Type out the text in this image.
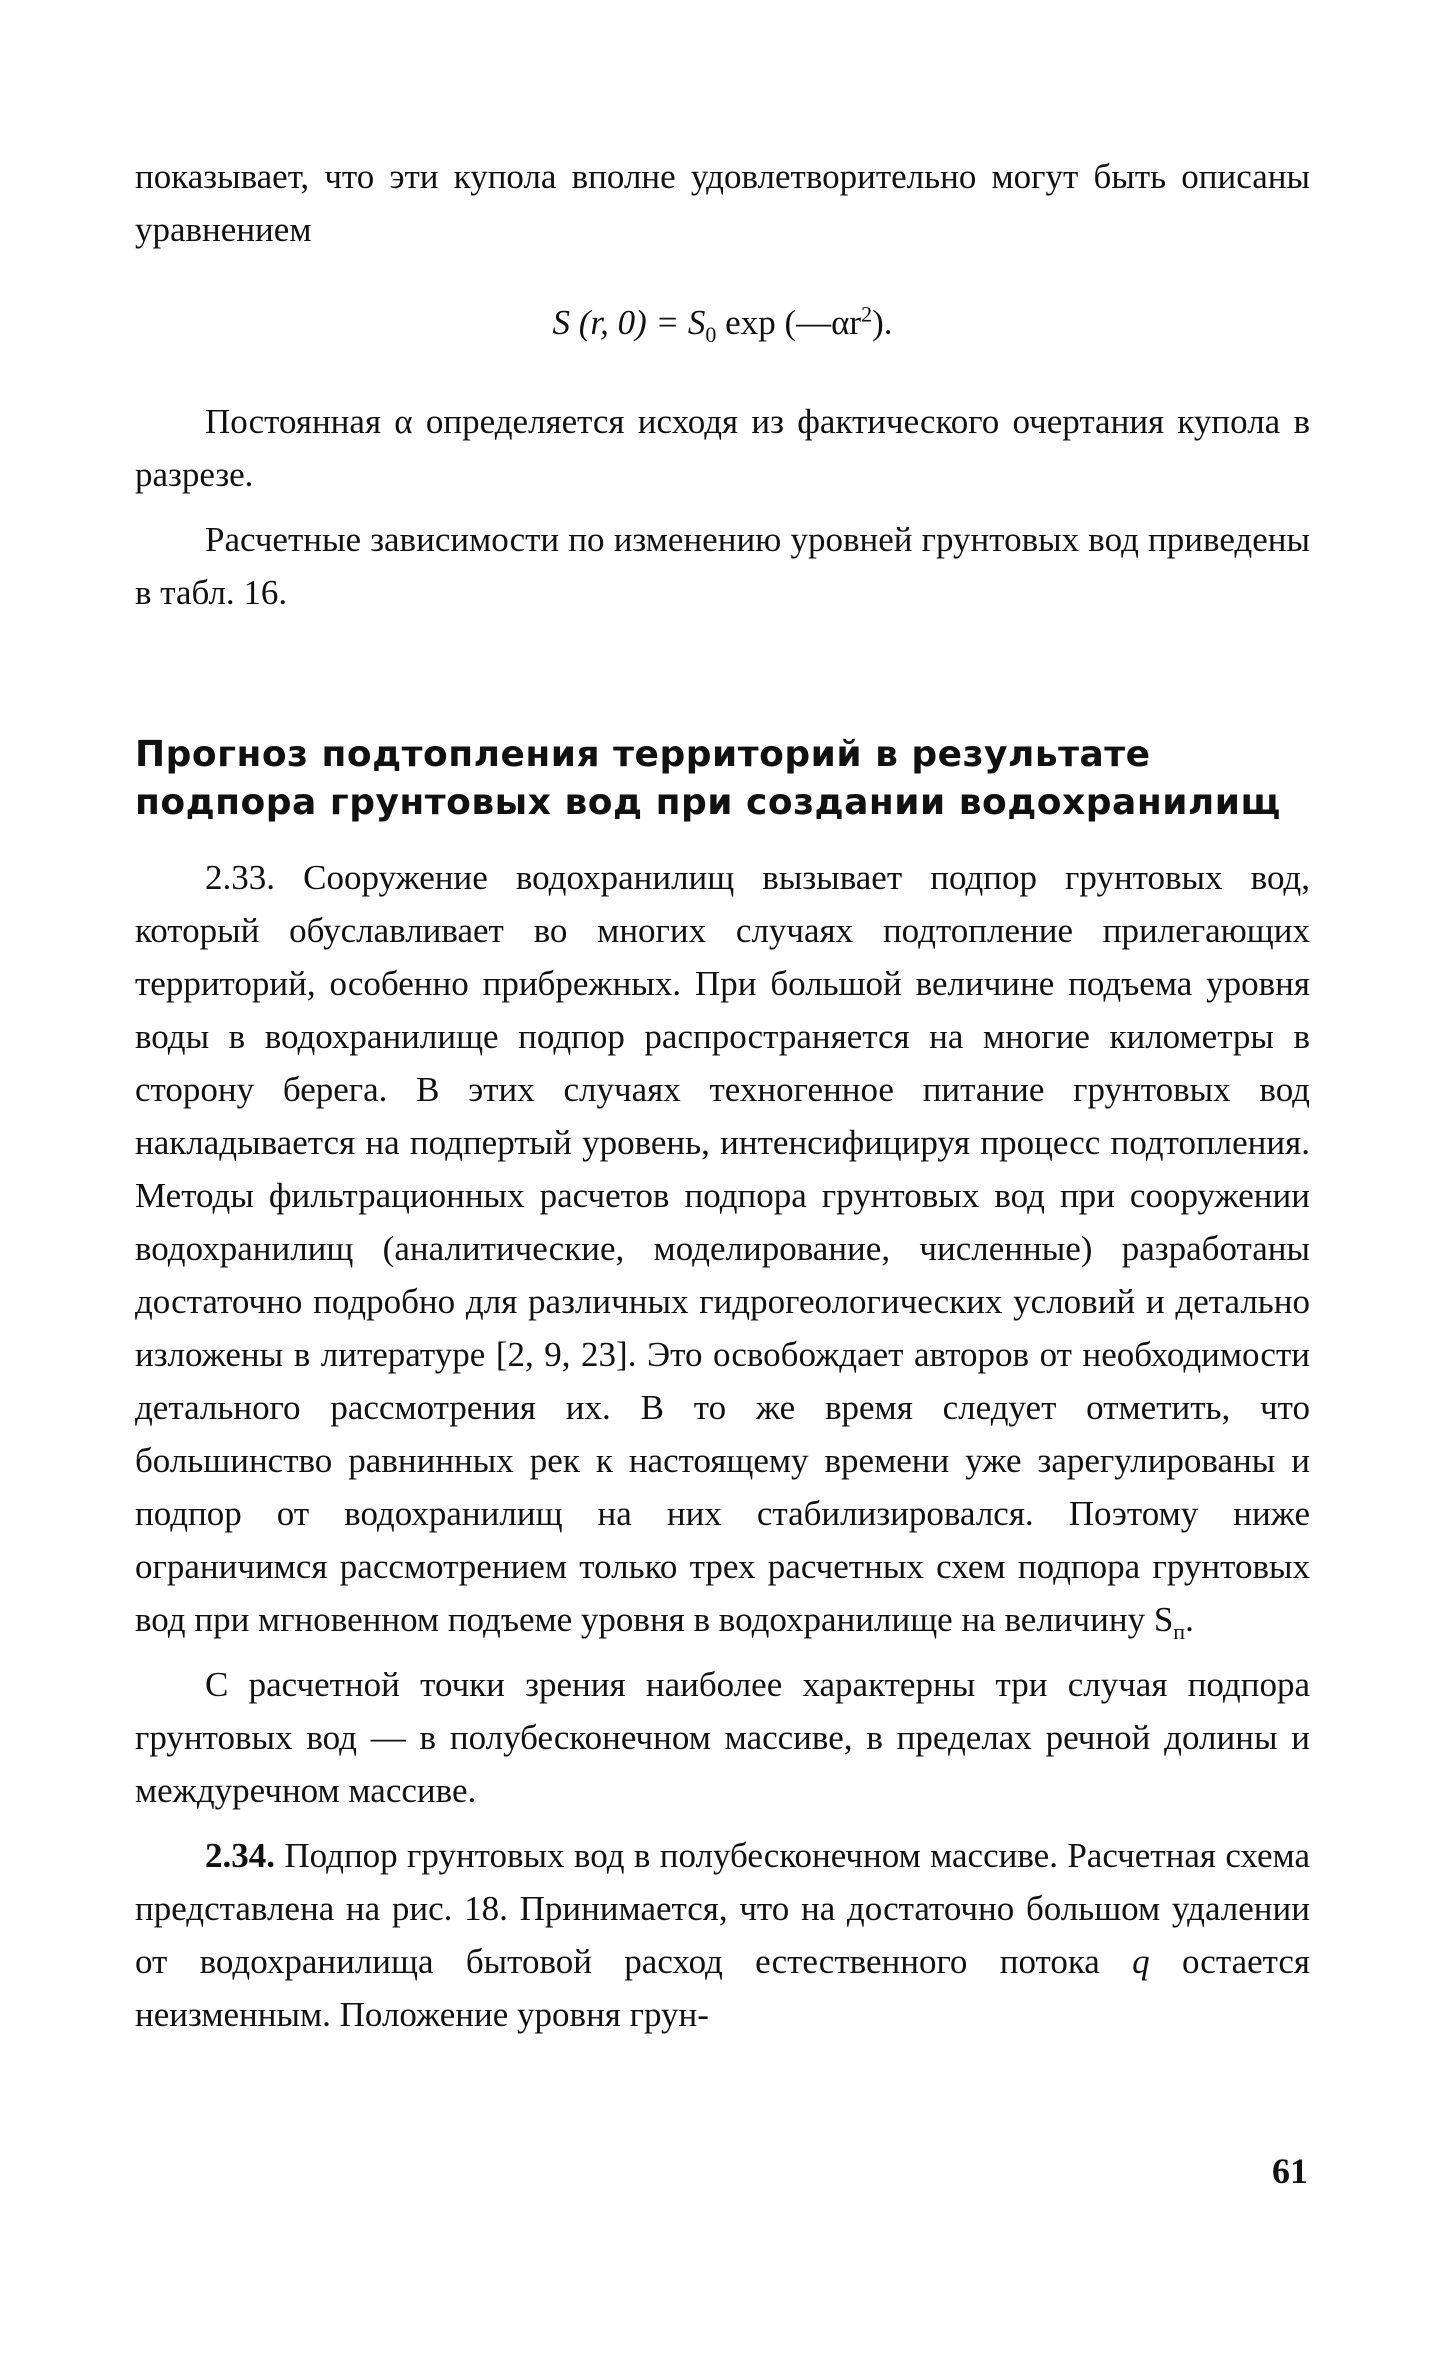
показывает, что эти купола вполне удовлетворительно могут быть описаны уравнением

S (r, $0) = S_0$ $\exp (—\alpha r^2)$.

Постоянная α определяется исходя из фактического очертания купола в разрезе.

Расчетные зависимости по изменению уровней грунтовых вод приведены в табл. 16.

Прогноз подтопления территорий в результате подпора грунтовых вод при создании водохранилищ

2.33. Сооружение водохранилищ вызывает подпор грунтовых вод, который обуславливает во многих случаях подтопление прилегающих территорий, особенно прибрежных. При большой величине подъема уровня воды в водохранилище подпор распространяется на многие километры в сторону берега. В этих случаях техногенное питание грунтовых вод накладывается на подпертый уровень, интенсифицируя процесс подтопления. Методы фильтрационных расчетов подпора грунтовых вод при сооружении водохранилищ (аналитические, моделирование, численные) разработаны достаточно подробно для различных гидрогеологических условий и детально изложены в литературе [2, 9, 23]. Это освобождает авторов от необходимости детального рассмотрения их. В то же время следует отметить, что большинство равнинных рек к настоящему времени уже зарегулированы и подпор от водохранилищ на них стабилизировался. Поэтому ниже ограничимся рассмотрением только трех расчетных схем подпора грунтовых вод при мгновенном подъеме уровня в водохранилище на величину $S_п$.

С расчетной точки зрения наиболее характерны три случая подпора грунтовых вод — в полубесконечном массиве, в пределах речной долины и междуречном массиве.

2.34. Подпор грунтовых вод в полубесконечном массиве. Расчетная схема представлена на рис. 18. Принимается, что на достаточно большом удалении от водохранилища бытовой расход естественного потока q остается неизменным. Положение уровня грун-

61
